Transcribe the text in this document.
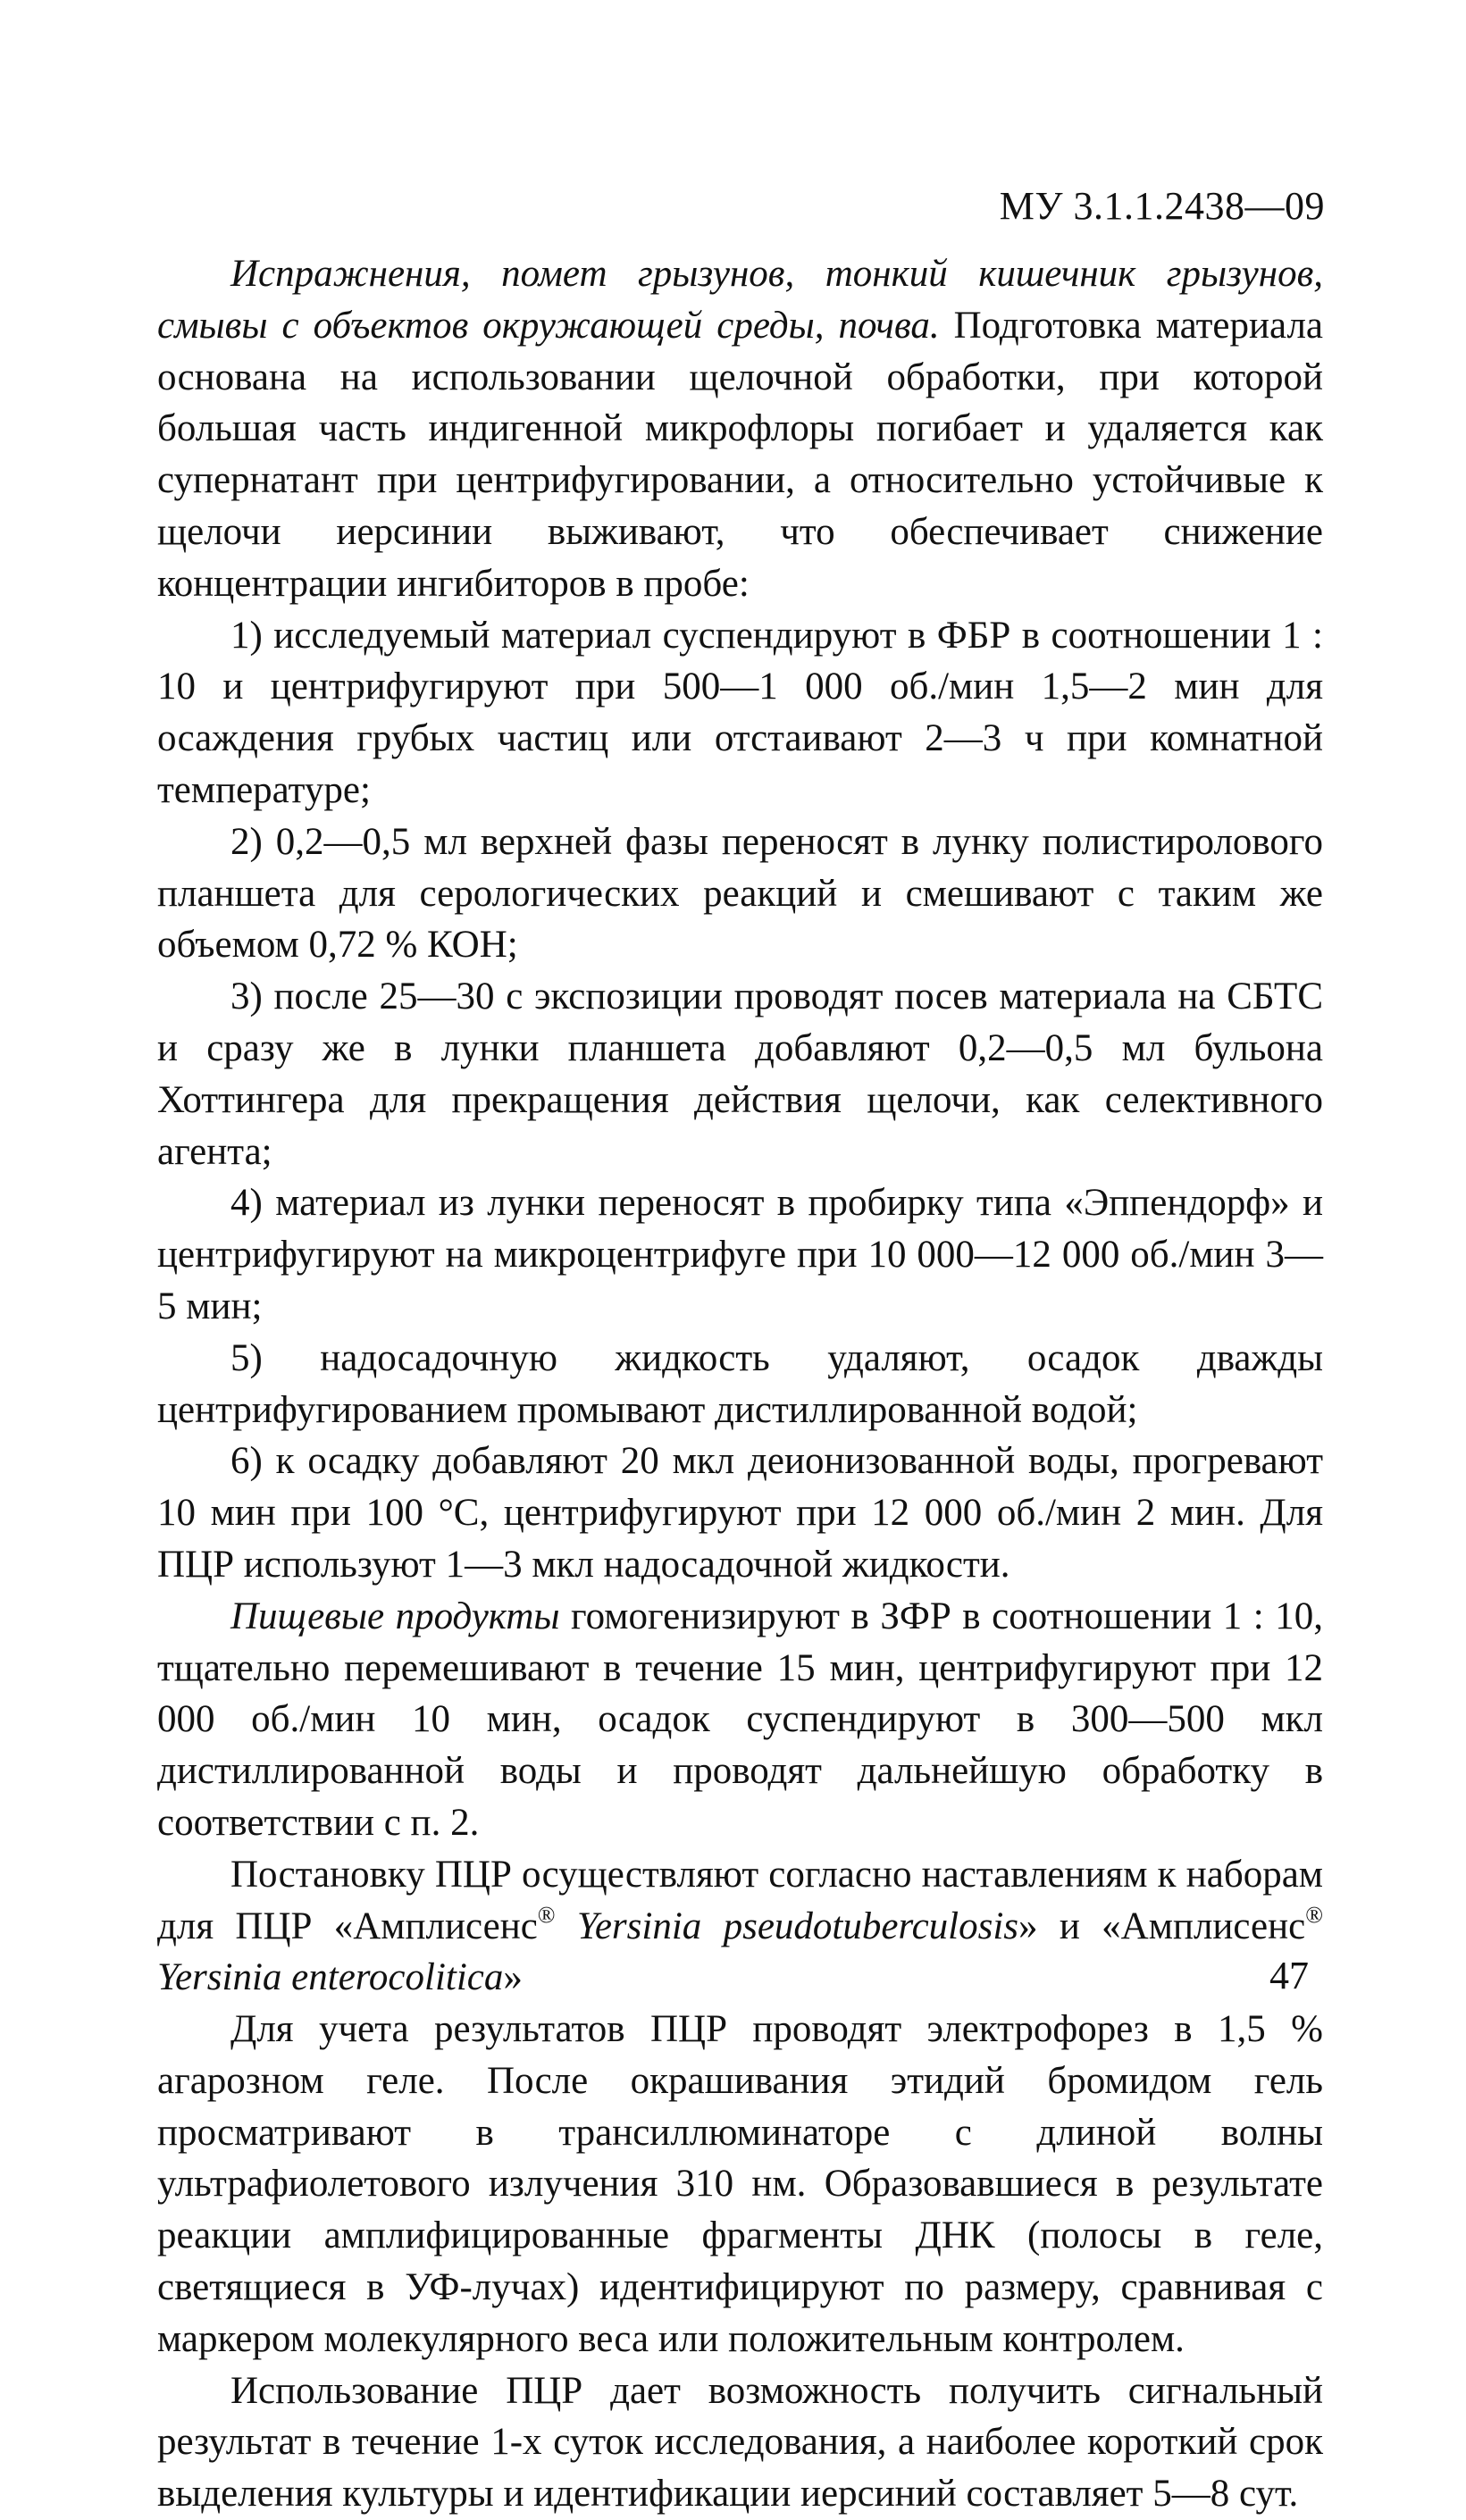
МУ 3.1.1.2438—09

Испражнения, помет грызунов, тонкий кишечник грызунов, смывы с объектов окружающей среды, почва. Подготовка материала основана на использовании щелочной обработки, при которой большая часть индигенной микрофлоры погибает и удаляется как супернатант при центрифугировании, а относительно устойчивые к щелочи иерсинии выживают, что обеспечивает снижение концентрации ингибиторов в пробе:

1) исследуемый материал суспендируют в ФБР в соотношении 1 : 10 и центрифугируют при 500—1 000 об./мин 1,5—2 мин для осаждения грубых частиц или отстаивают 2—3 ч при комнатной температуре;

2) 0,2—0,5 мл верхней фазы переносят в лунку полистиролового планшета для серологических реакций и смешивают с таким же объемом 0,72 % КОН;

3) после 25—30 с экспозиции проводят посев материала на СБТС и сразу же в лунки планшета добавляют 0,2—0,5 мл бульона Хоттингера для прекращения действия щелочи, как селективного агента;

4) материал из лунки переносят в пробирку типа «Эппендорф» и центрифугируют на микроцентрифуге при 10 000—12 000 об./мин 3—5 мин;

5) надосадочную жидкость удаляют, осадок дважды центрифугированием промывают дистиллированной водой;

6) к осадку добавляют 20 мкл деионизованной воды, прогревают 10 мин при 100 °С, центрифугируют при 12 000 об./мин 2 мин. Для ПЦР используют 1—3 мкл надосадочной жидкости.

Пищевые продукты гомогенизируют в ЗФР в соотношении 1 : 10, тщательно перемешивают в течение 15 мин, центрифугируют при 12 000 об./мин 10 мин, осадок суспендируют в 300—500 мкл дистиллированной воды и проводят дальнейшую обработку в соответствии с п. 2.

Постановку ПЦР осуществляют согласно наставлениям к наборам для ПЦР «Амплисенс® Yersinia pseudotuberculosis» и «Амплисенс® Yersinia enterocolitica»

Для учета результатов ПЦР проводят электрофорез в 1,5 % агарозном геле. После окрашивания этидий бромидом гель просматривают в трансиллюминаторе с длиной волны ультрафиолетового излучения 310 нм. Образовавшиеся в результате реакции амплифицированные фрагменты ДНК (полосы в геле, светящиеся в УФ-лучах) идентифицируют по размеру, сравнивая с маркером молекулярного веса или положительным контролем.

Использование ПЦР дает возможность получить сигнальный результат в течение 1-х суток исследования, а наиболее короткий срок выделения культуры и идентификации иерсиний составляет 5—8 сут.

47
